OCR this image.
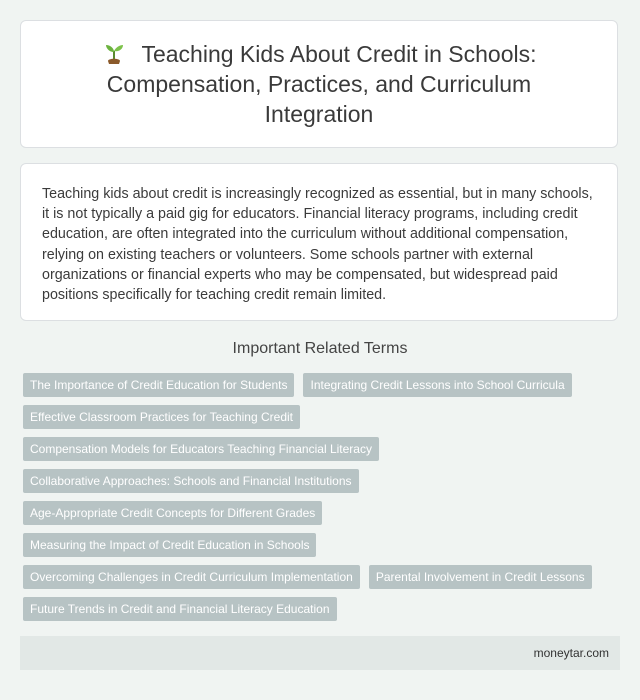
Teaching Kids About Credit in Schools: Compensation, Practices, and Curriculum Integration

Teaching kids about credit is increasingly recognized as essential, but in many schools, it is not typically a paid gig for educators. Financial literacy programs, including credit education, are often integrated into the curriculum without additional compensation, relying on existing teachers or volunteers. Some schools partner with external organizations or financial experts who may be compensated, but widespread paid positions specifically for teaching credit remain limited.

Important Related Terms
The Importance of Credit Education for Students	Integrating Credit Lessons into School Curricula
Effective Classroom Practices for Teaching Credit
Compensation Models for Educators Teaching Financial Literacy
Collaborative Approaches: Schools and Financial Institutions
Age-Appropriate Credit Concepts for Different Grades
Measuring the Impact of Credit Education in Schools
Overcoming Challenges in Credit Curriculum Implementation	Parental Involvement in Credit Lessons
Future Trends in Credit and Financial Literacy Education
moneytar.com
